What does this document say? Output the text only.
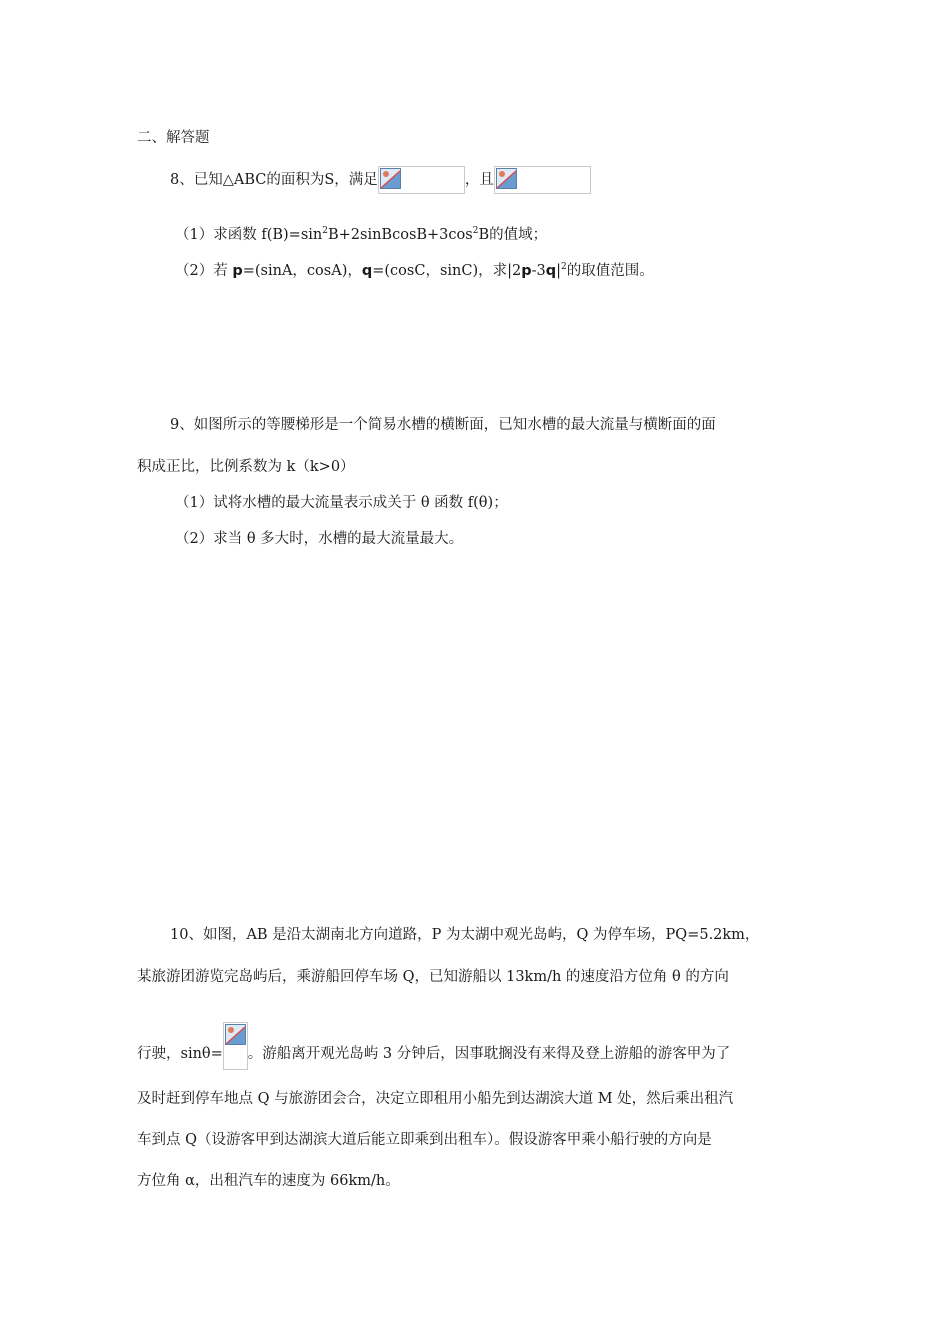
二、解答题
8、已知△ABC的面积为S，满足	，且
（1）求函数 $f(B)=\sin^2B+2sinBcosB+3\cos^2B$的值域；
（2）若 p=(sinA，cosA)，q=(cosC，sinC)，求$|2p-3q|^2$的取值范围。
9、如图所示的等腰梯形是一个简易水槽的横断面，已知水槽的最大流量与横断面的面
积成正比，比例系数为 k（k>0）
（1）试将水槽的最大流量表示成关于 θ 函数 f(θ)；
（2）求当 θ 多大时，水槽的最大流量最大。
10、如图，AB 是沿太湖南北方向道路，P 为太湖中观光岛屿，Q 为停车场，PQ=5.2km，
某旅游团游览完岛屿后，乘游船回停车场 Q，已知游船以 13km/h 的速度沿方位角 θ 的方向
行驶，sinθ= 。游船离开观光岛屿 3 分钟后，因事耽搁没有来得及登上游船的游客甲为了
及时赶到停车地点 Q 与旅游团会合，决定立即租用小船先到达湖滨大道 M 处，然后乘出租汽
车到点 Q（设游客甲到达湖滨大道后能立即乘到出租车）。假设游客甲乘小船行驶的方向是
方位角 α，出租汽车的速度为 66km/h。
